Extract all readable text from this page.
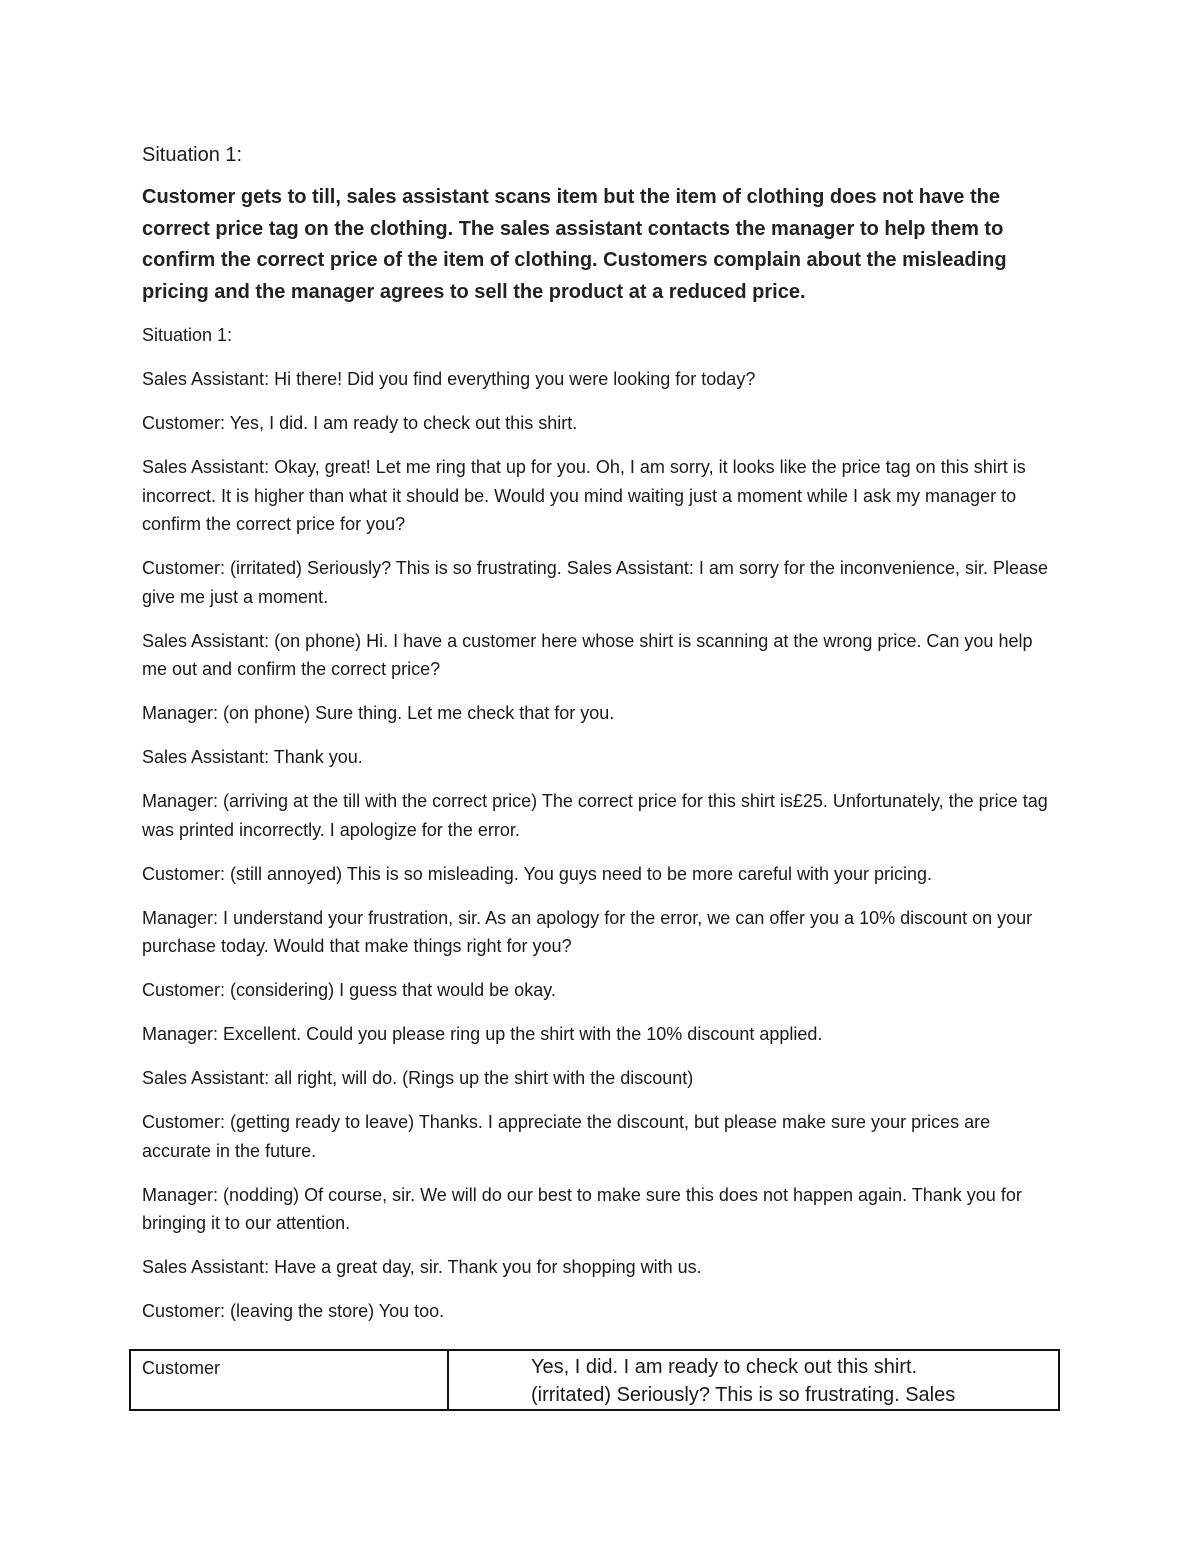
Situation 1:

Customer gets to till, sales assistant scans item but the item of clothing does not have the correct price tag on the clothing. The sales assistant contacts the manager to help them to confirm the correct price of the item of clothing. Customers complain about the misleading pricing and the manager agrees to sell the product at a reduced price.

Situation 1:

Sales Assistant: Hi there! Did you find everything you were looking for today?

Customer: Yes, I did. I am ready to check out this shirt.

Sales Assistant: Okay, great! Let me ring that up for you. Oh, I am sorry, it looks like the price tag on this shirt is incorrect. It is higher than what it should be. Would you mind waiting just a moment while I ask my manager to confirm the correct price for you?

Customer: (irritated) Seriously? This is so frustrating. Sales Assistant: I am sorry for the inconvenience, sir. Please give me just a moment.

Sales Assistant: (on phone) Hi. I have a customer here whose shirt is scanning at the wrong price. Can you help me out and confirm the correct price?

Manager: (on phone) Sure thing. Let me check that for you.

Sales Assistant: Thank you.

Manager: (arriving at the till with the correct price) The correct price for this shirt is£25. Unfortunately, the price tag was printed incorrectly. I apologize for the error.

Customer: (still annoyed) This is so misleading. You guys need to be more careful with your pricing.

Manager: I understand your frustration, sir. As an apology for the error, we can offer you a 10% discount on your purchase today. Would that make things right for you?

Customer: (considering) I guess that would be okay.

Manager: Excellent. Could you please ring up the shirt with the 10% discount applied.

Sales Assistant: all right, will do. (Rings up the shirt with the discount)

Customer: (getting ready to leave) Thanks. I appreciate the discount, but please make sure your prices are accurate in the future.

Manager: (nodding) Of course, sir. We will do our best to make sure this does not happen again. Thank you for bringing it to our attention.

Sales Assistant: Have a great day, sir. Thank you for shopping with us.

Customer: (leaving the store) You too.

Customer	Yes, I did. I am ready to check out this shirt.
(irritated) Seriously? This is so frustrating. Sales
